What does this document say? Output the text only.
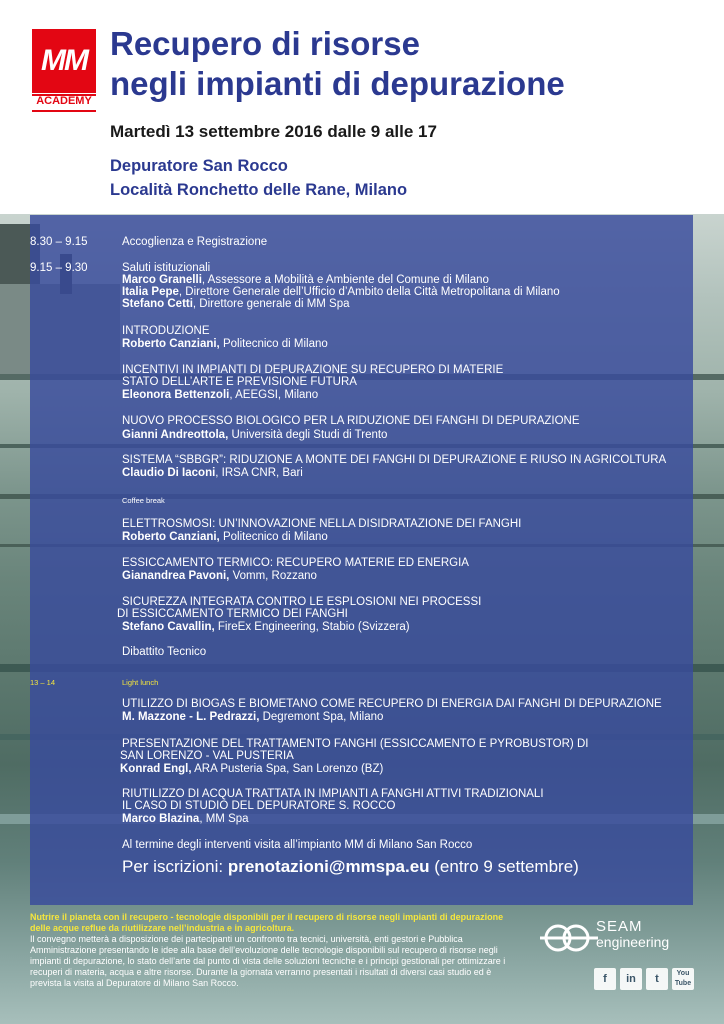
MM
ACADEMY
Recupero di risorse
negli impianti di depurazione
Martedì 13 settembre 2016 dalle 9 alle 17
Depuratore San Rocco
Località Ronchetto delle Rane, Milano
8.30 – 9.15	Accoglienza e Registrazione
9.15 – 9.30	Saluti istituzionali
Marco Granelli, Assessore a Mobilità e Ambiente del Comune di Milano
Italia Pepe, Direttore Generale dell’Ufficio d’Ambito della Città Metropolitana di Milano
Stefano Cetti, Direttore generale di MM Spa
INTRODUZIONE
Roberto Canziani, Politecnico di Milano
INCENTIVI IN IMPIANTI DI DEPURAZIONE SU RECUPERO DI MATERIE
STATO DELL’ARTE E PREVISIONE FUTURA
Eleonora Bettenzoli, AEEGSI, Milano
NUOVO PROCESSO BIOLOGICO PER LA RIDUZIONE DEI FANGHI DI DEPURAZIONE
Gianni Andreottola, Università degli Studi di Trento
SISTEMA “SBBGR”: RIDUZIONE A MONTE DEI FANGHI DI DEPURAZIONE E RIUSO IN AGRICOLTURA
Claudio Di Iaconi, IRSA CNR, Bari
Coffee break
ELETTROSMOSI: UN’INNOVAZIONE NELLA DISIDRATAZIONE DEI FANGHI
Roberto Canziani, Politecnico di Milano
ESSICCAMENTO TERMICO: RECUPERO MATERIE ED ENERGIA
Gianandrea Pavoni, Vomm, Rozzano
SICUREZZA INTEGRATA CONTRO LE ESPLOSIONI NEI PROCESSI
DI ESSICCAMENTO TERMICO DEI FANGHI
Stefano Cavallin, FireEx Engineering, Stabio (Svizzera)
Dibattito Tecnico
13 – 14	Light lunch
UTILIZZO DI BIOGAS E BIOMETANO COME RECUPERO DI ENERGIA DAI FANGHI DI DEPURAZIONE
M. Mazzone - L. Pedrazzi, Degremont Spa, Milano
PRESENTAZIONE DEL TRATTAMENTO FANGHI (ESSICCAMENTO E PYROBUSTOR) DI
SAN LORENZO - VAL PUSTERIA
Konrad Engl, ARA Pusteria Spa, San Lorenzo (BZ)
RIUTILIZZO DI ACQUA TRATTATA IN IMPIANTI A FANGHI ATTIVI TRADIZIONALI
IL CASO DI STUDIO DEL DEPURATORE S. ROCCO
Marco Blazina, MM Spa
Al termine degli interventi visita all’impianto MM di Milano San Rocco
Per iscrizioni: prenotazioni@mmspa.eu (entro 9 settembre)
Nutrire il pianeta con il recupero - tecnologie disponibili per il recupero di risorse negli impianti di depurazione delle acque reflue da riutilizzare nell’industria e in agricoltura.
Il convegno metterà a disposizione dei partecipanti un confronto tra tecnici, università, enti gestori e Pubblica Amministrazione presentando le idee alla base dell’evoluzione delle tecnologie disponibili sul recupero di risorse negli impianti di depurazione, lo stato dell’arte dal punto di vista delle soluzioni tecniche e i principi gestionali per ottimizzare i recuperi di materia, acqua e altre risorse. Durante la giornata verranno presentati i risultati di diversi casi studio ed è prevista la visita al Depuratore di Milano San Rocco.
SEAM
engineering
f	in	t	You Tube
